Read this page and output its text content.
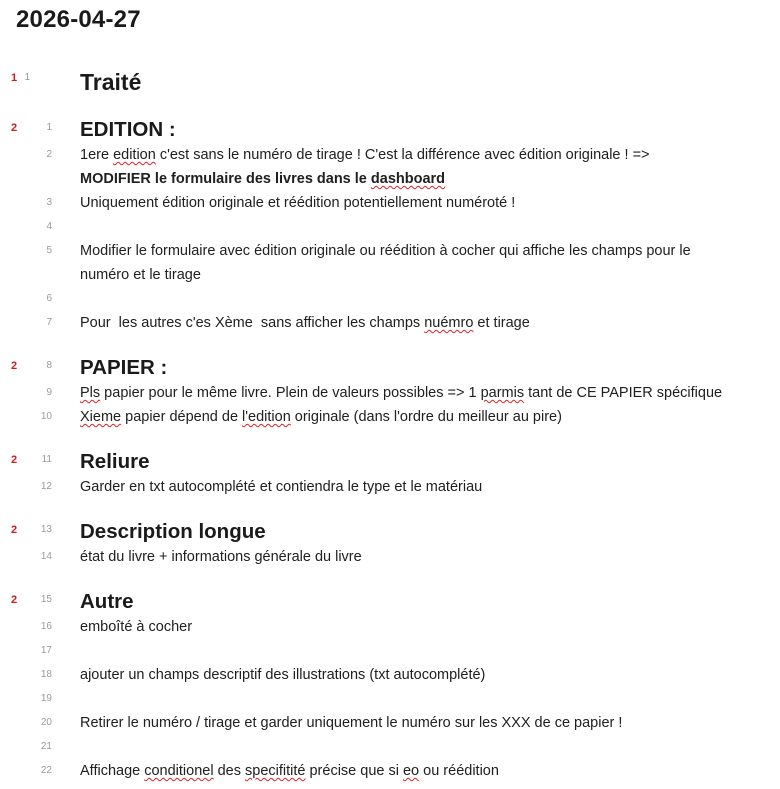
2026-04-27
1 1 Traité
2	1 EDITION :
2 1ere edition c'est sans le numéro de tirage ! C'est la différence avec édition originale ! =>
MODIFIER le formulaire des livres dans le dashboard
3 Uniquement édition originale et réédition potentiellement numéroté !
4
5 Modifier le formulaire avec édition originale ou réédition à cocher qui affiche les champs pour le
numéro et le tirage
6
7 Pour  les autres c'es Xème  sans afficher les champs nuémro et tirage
2	8 PAPIER :
9 Pls papier pour le même livre. Plein de valeurs possibles => 1 parmis tant de CE PAPIER spécifique
10 Xieme papier dépend de l'edition originale (dans l'ordre du meilleur au pire)
2	11 Reliure
12 Garder en txt autocomplété et contiendra le type et le matériau
2	13 Description longue
14 état du livre + informations générale du livre
2	15 Autre
16 emboîté à cocher
17
18 ajouter un champs descriptif des illustrations (txt autocomplété)
19
20 Retirer le numéro / tirage et garder uniquement le numéro sur les XXX de ce papier !
21
22 Affichage conditionel des specifitité précise que si eo ou réédition
